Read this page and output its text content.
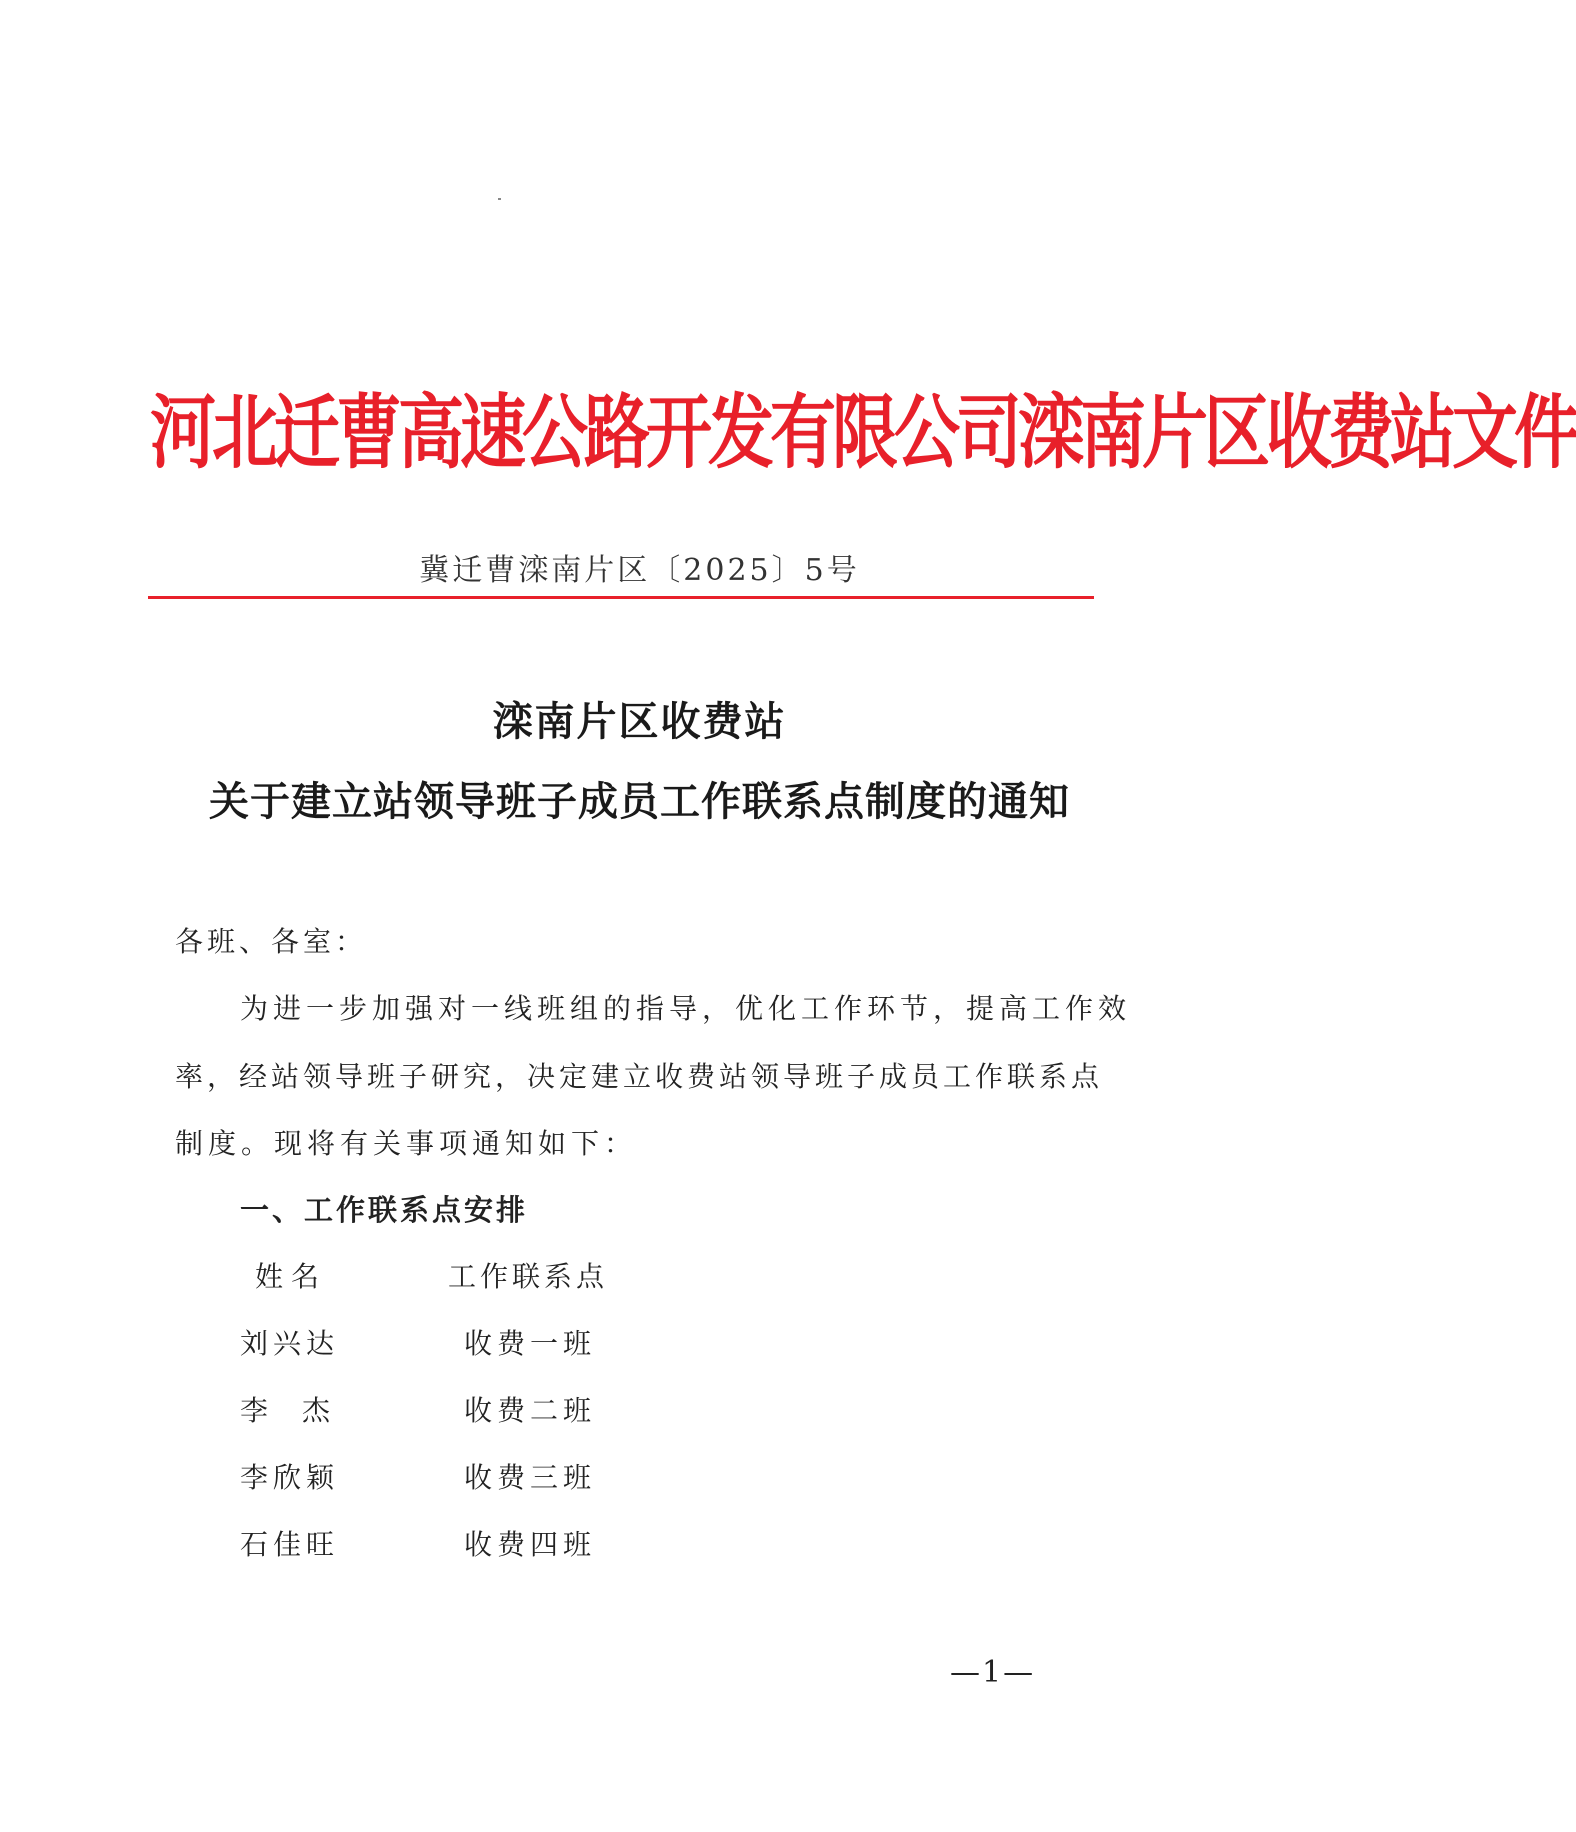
河北迁曹高速公路开发有限公司滦南片区收费站文件
冀迁曹滦南片区〔2025〕5号
滦南片区收费站
关于建立站领导班子成员工作联系点制度的通知
各班、各室：
为进一步加强对一线班组的指导，优化工作环节，提高工作效
率，经站领导班子研究，决定建立收费站领导班子成员工作联系点
制度。现将有关事项通知如下：
一、工作联系点安排
姓名	工作联系点
刘兴达	收费一班
李杰	收费二班
李欣颖	收费三班
石佳旺	收费四班
—1—
